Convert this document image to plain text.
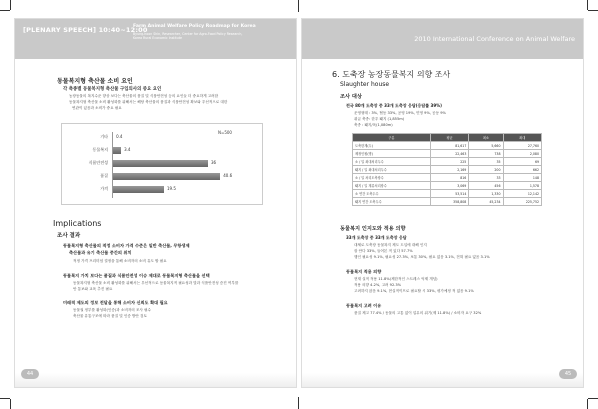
[PLENARY SPEECH] 10:40~12:00
Farm Animal Welfare Policy Roadmap for Korea
Byung-hoon Shin, Researcher, Center for Agro-Food Policy Research,
Korea Rural Economic Institute
동물복지형 축산물 소비 요인
각 축종별 동물복지형 축산물 구입의사의 중요 요인
농장동물의 복지수준 향상 보다는 축산물의 품질 및 식품안전성 등의 요인들 더 중요하게 고려함
동물복지형 축산물 소비 활성화를 위해서는 해당 축산물의 품질과 식품안전성 확보와 우선적으로 대한
연관이 있음과 소비가 중요 필요
N=500
기타 0.4
동물복지	3.4
식품안전성	36
품질	40.6
가격	19.5
Implications
조사 결과
동물복지형 축산물의 적정 소비자 가격 수준은 일반 축산물, 무항생제
축산물과 유기 축산물 중간의 위치
적정 가격 프리미엄 결정을 통해 소비자의 소비 유도 할 필요
동물복지 가치 보다는 품질과 식품안전성 이슈 제대로 동물복지형 축산물을 선택
동물복지형 축산물 소비 활성화를 위해서는 우선적으로 동물복지적 필요성과 맛과 식품안전성 증진 여부를
안 통보와 교육 추진 필요
미래적 제도의 정보 전달을 통해 소비자 신뢰도 확대 필요
동물권 정부를 활성화(인증)과 소비자의 조사 필수
축산물 유통구조에 따라 품질 및 인증 방안 검토
44
2010 International Conference on Animal Welfare
6. 도축장 농장동물복지 의향 조사
Slaughter house
조사 대상
전국 80개 도축장 중 33개 도축장 응답(응답률 39%)
운영형태 : 3%, 협동 33%, 공영 19%, 민영 9%, 공동 9%
취급 축종: 한우 돼지 (1,855m)
축종 : 돼지/육(1,080m)
구분	평균	최소	최대
도축한계(두)	81,617	5,660	27,760
제정인원(명)	22,463	738	2,080
소 / 일 최대처리두수	225	35	69
돼지 / 일 최대처리두수	2,169	200	662
소 / 일 처리도축장수	816	33	148
돼지 / 일 계류처리장수	3,069	456	1,578
소 연간 도축두수	53,514	1,330	12,142
돼지 연간 도축두수	358,808	45,234	225,752
동물복지 인지도와 적용 의향
33개 도축장 중 33개 도축장 응답
대체로 도축장 동물복지 제도 도입에 대해 인지
잘 안다 33%, 들어본 적 있다 57.7%
행인 필요성 9.1%, 필요성 27.3%, 보통 30%, 필요 없음 3.1%, 전혀 필요 없음 3.1%
동물복지 적용 의향
현재 실적 적용 11.8%(제한적인 스트레스 억제 개념)
적용 의향 4.2%, 고려 92.3%
고려하지 않음 9.1%, 현실적이므로 필요할 시 33%, 평가예정 적 없음 9.1%
동물복지 고려 이유
품질 제고 77.4% / 동물의 고통 없이 업무의 위기(제 11.8%) / 소비자 요구 32%
45
